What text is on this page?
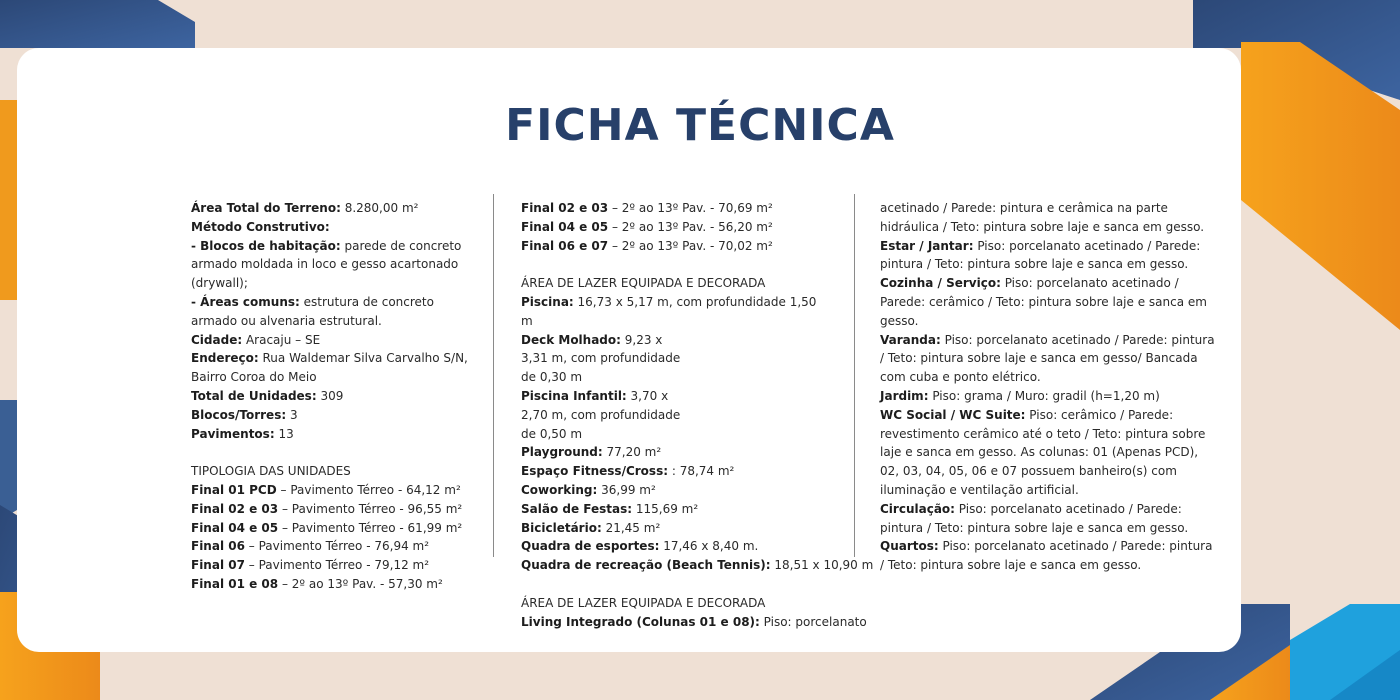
FICHA TÉCNICA

Área Total do Terreno: 8.280,00 m²

Método Construtivo:

- Blocos de habitação: parede de concreto armado moldada in loco e gesso acartonado (drywall);

- Áreas comuns: estrutura de concreto armado ou alvenaria estrutural.

Cidade: Aracaju – SE

Endereço: Rua Waldemar Silva Carvalho S/N, Bairro Coroa do Meio

Total de Unidades: 309

Blocos/Torres: 3

Pavimentos: 13

TIPOLOGIA DAS UNIDADES

Final 01 PCD – Pavimento Térreo - 64,12 m²

Final 02 e 03 – Pavimento Térreo - 96,55 m²

Final 04 e 05 – Pavimento Térreo - 61,99 m²

Final 06 – Pavimento Térreo - 76,94 m²

Final 07 – Pavimento Térreo - 79,12 m²

Final 01 e 08 – 2º ao 13º Pav. - 57,30 m²

Final 02 e 03 – 2º ao 13º Pav. - 70,69 m²

Final 04 e 05 – 2º ao 13º Pav. - 56,20 m²

Final 06 e 07 – 2º ao 13º Pav. - 70,02 m²

ÁREA DE LAZER EQUIPADA E DECORADA

Piscina: 16,73 x 5,17 m, com profundidade 1,50 m

Deck Molhado: 9,23 x 3,31 m, com profundidade de 0,30 m

Piscina Infantil: 3,70 x 2,70 m, com profundidade de 0,50 m

Playground: 77,20 m²

Espaço Fitness/Cross: : 78,74 m²

Coworking: 36,99 m²

Salão de Festas: 115,69 m²

Bicicletário: 21,45 m²

Quadra de esportes: 17,46 x 8,40 m.

Quadra de recreação (Beach Tennis): 18,51 x 10,90 m

ÁREA DE LAZER EQUIPADA E DECORADA

Living Integrado (Colunas 01 e 08): Piso: porcelanato

acetinado / Parede: pintura e cerâmica na parte hidráulica / Teto: pintura sobre laje e sanca em gesso.

Estar / Jantar: Piso: porcelanato acetinado / Parede: pintura / Teto: pintura sobre laje e sanca em gesso.

Cozinha / Serviço: Piso: porcelanato acetinado / Parede: cerâmico / Teto: pintura sobre laje e sanca em gesso.

Varanda: Piso: porcelanato acetinado / Parede: pintura / Teto: pintura sobre laje e sanca em gesso/ Bancada com cuba e ponto elétrico.

Jardim: Piso: grama / Muro: gradil (h=1,20 m)

WC Social / WC Suite: Piso: cerâmico / Parede: revestimento cerâmico até o teto / Teto: pintura sobre laje e sanca em gesso. As colunas: 01 (Apenas PCD), 02, 03, 04, 05, 06 e 07 possuem banheiro(s) com iluminação e ventilação artificial.

Circulação: Piso: porcelanato acetinado / Parede: pintura / Teto: pintura sobre laje e sanca em gesso.

Quartos: Piso: porcelanato acetinado / Parede: pintura / Teto: pintura sobre laje e sanca em gesso.
